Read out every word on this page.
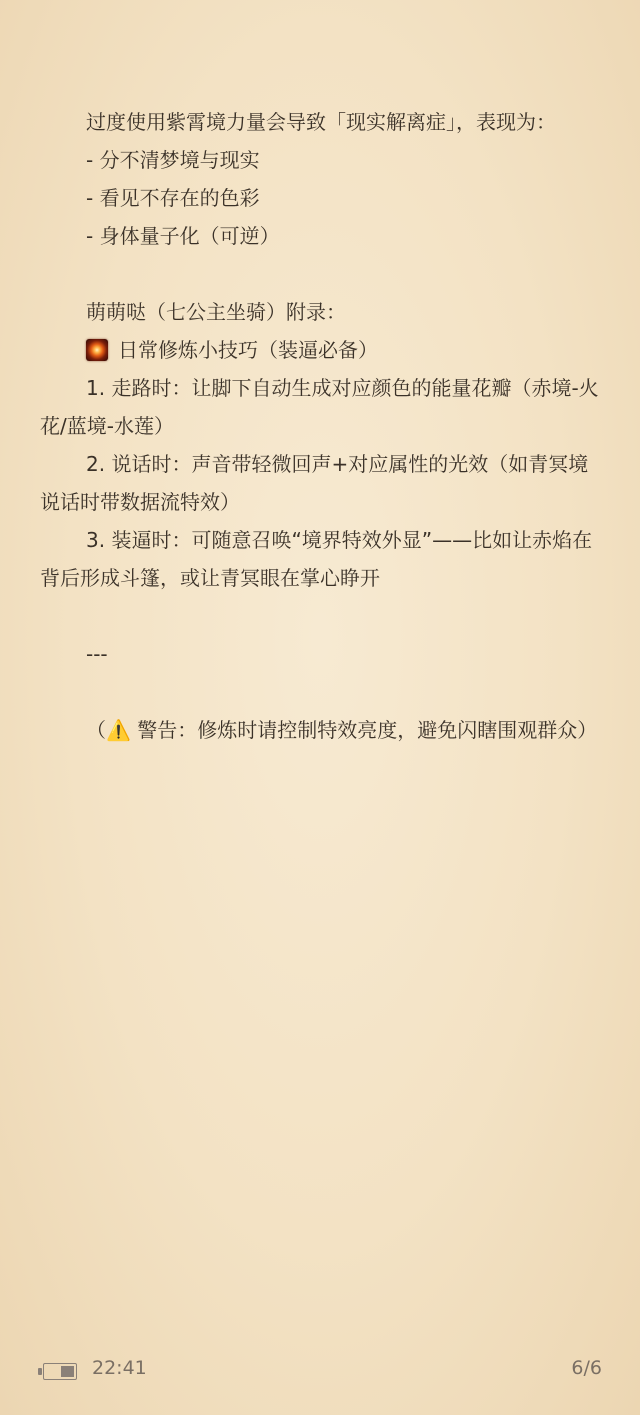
过度使用紫霄境力量会导致「现实解离症」，表现为：
- 分不清梦境与现实
- 看见不存在的色彩
- 身体量子化（可逆）
萌萌哒（七公主坐骑）附录：
日常修炼小技巧（装逼必备）
1. 走路时：让脚下自动生成对应颜色的能量花瓣（赤境-火花/蓝境-水莲）
2. 说话时：声音带轻微回声+对应属性的光效（如青冥境说话时带数据流特效）
3. 装逼时：可随意召唤“境界特效外显”——比如让赤焰在背后形成斗篷，或让青冥眼在掌心睁开
---
（⚠️ 警告：修炼时请控制特效亮度，避免闪瞎围观群众）
22:41	6/6
